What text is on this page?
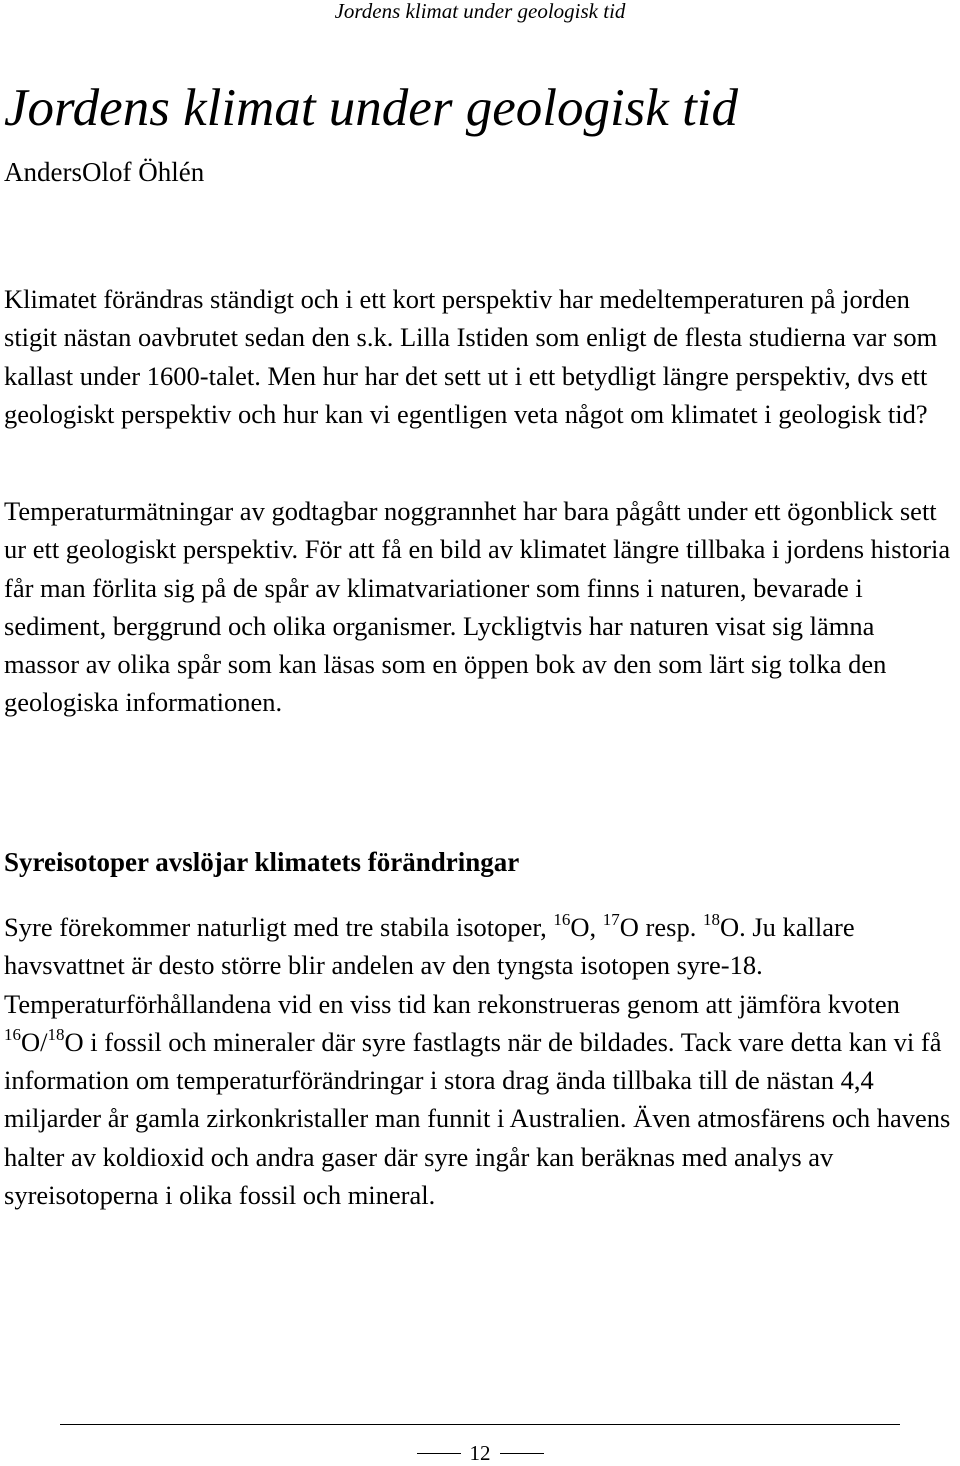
Jordens klimat under geologisk tid
Jordens klimat under geologisk tid

AndersOlof Öhlén

Klimatet förändras ständigt och i ett kort perspektiv har medeltemperaturen på jorden stigit nästan oavbrutet sedan den s.k. Lilla Istiden som enligt de flesta studierna var som kallast under 1600-talet. Men hur har det sett ut i ett betydligt längre perspektiv, dvs ett geologiskt perspektiv och hur kan vi egentligen veta något om klimatet i geologisk tid?

Temperaturmätningar av godtagbar noggrannhet har bara pågått under ett ögonblick sett ur ett geologiskt perspektiv. För att få en bild av klimatet längre tillbaka i jordens historia får man förlita sig på de spår av klimatvariationer som finns i naturen, bevarade i sediment, berggrund och olika organismer. Lyckligtvis har naturen visat sig lämna massor av olika spår som kan läsas som en öppen bok av den som lärt sig tolka den geologiska informationen.

Syreisotoper avslöjar klimatets förändringar

Syre förekommer naturligt med tre stabila isotoper, $^{16}$O, $^{17}$O resp. $^{18}$O. Ju kallare havsvattnet är desto större blir andelen av den tyngsta isotopen syre-18. Temperaturförhållandena vid en viss tid kan rekonstrueras genom att jämföra kvoten $^{16}$O/$^{18}$O i fossil och mineraler där syre fastlagts när de bildades. Tack vare detta kan vi få information om temperaturförändringar i stora drag ända tillbaka till de nästan 4,4 miljarder år gamla zirkonkristaller man funnit i Australien. Även atmosfärens och havens halter av koldioxid och andra gaser där syre ingår kan beräknas med analys av syreisotoperna i olika fossil och mineral.

12
